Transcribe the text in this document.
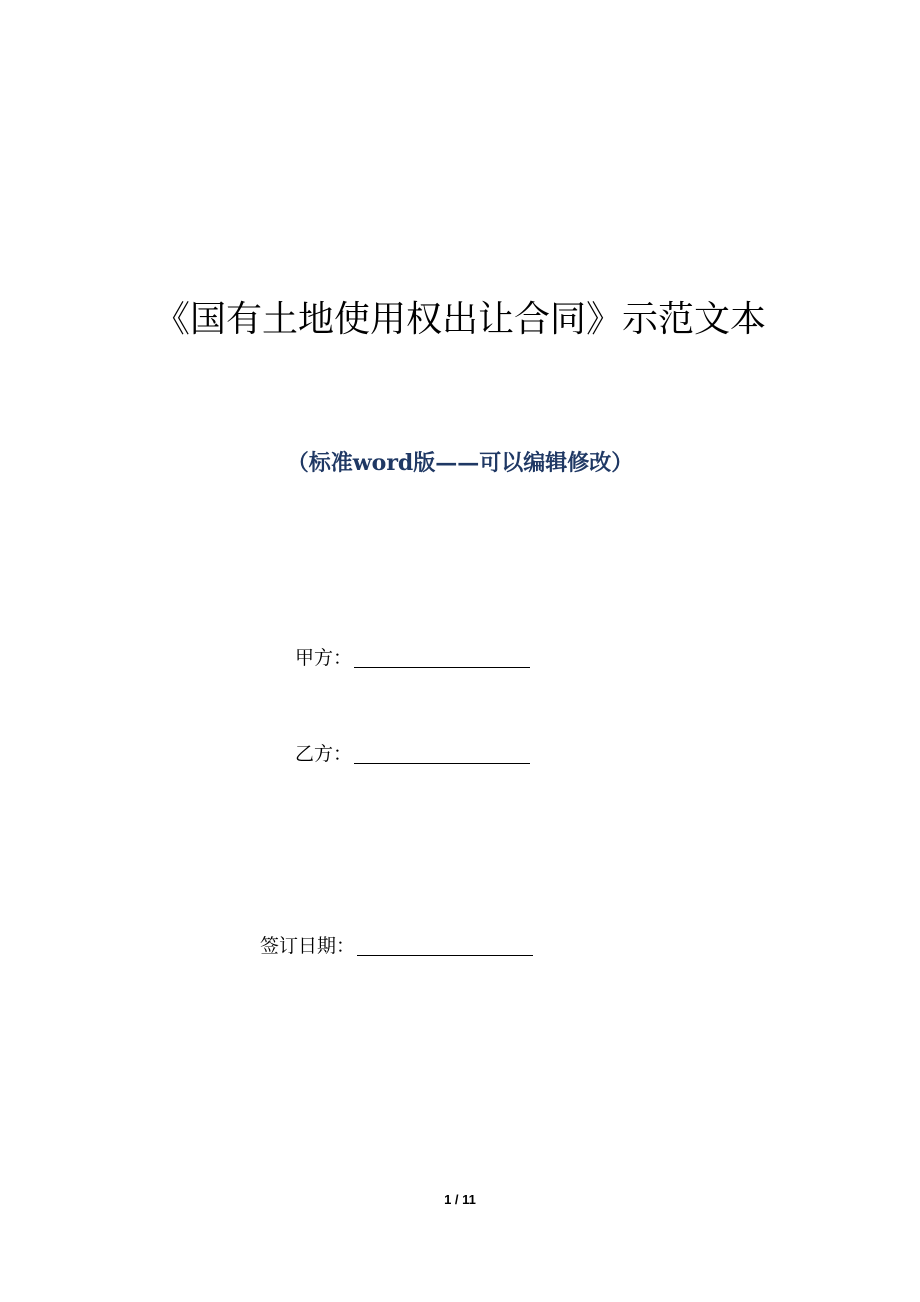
《国有土地使用权出让合同》示范文本
（标准word版——可以编辑修改）
甲方：
乙方：
签订日期：
1 / 11
